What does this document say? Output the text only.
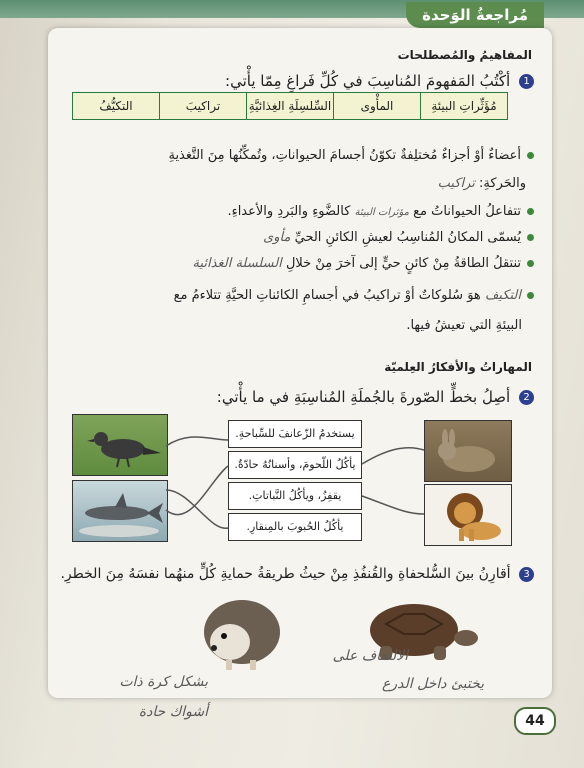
مُراجعةُ الوَحدة
المفاهيمُ والمُصطلحات
1 أكْتُبُ المَفهومَ المُناسِبَ في كُلِّ فَراغٍ مِمّا يأْتي:
مُؤَثِّراتِ البيئةِ
المأْوى
السِّلسِلَةِ الغِذائيَّةِ
تراكيبَ
التكيُّفُ
أعضاءٌ أوْ أجزاءٌ مُختلِفةٌ تكوّنُ أجسامَ الحيواناتِ، وتُمكِّنُها مِنَ التَّغذيةِ
والحَركةِ: تراكيب
تتفاعلُ الحيواناتُ مع مؤثرات البيئة كالضَّوءِ والبَردِ والأعداءِ.
يُسمّى المكانُ المُناسِبُ لعيشِ الكائنِ الحيِّ مأوى
تنتقلُ الطاقةُ مِنْ كائنٍ حيٍّ إلى آخرَ مِنْ خلالِ السلسلة الغذائية
التكيف هوَ سُلوكاتٌ أوْ تراكيبُ في أجسامِ الكائناتِ الحيَّةِ تتلاءمُ مع
البيئةِ التي تعيشُ فيها.
المهاراتُ والأفكارُ العِلميّة
2 أصِلُ بخطٍّ الصّورةَ بالجُملَةِ المُناسِبَةِ في ما يأْتي:
يستخدمُ الزّعانفَ للسِّباحةِ.
يأكُلُ اللّحومَ، وأسنانُهُ حادّةٌ.
يقفِزُ، ويأكُلُ النَّباتاتِ.
يأكُلُ الحُبوبَ بالمِنقارِ.
3 أقارِنُ بينَ السُّلحفاةِ والقُنفُذِ مِنْ حيثُ طريقةُ حمايةِ كُلٍّ منهُما نفسَهُ مِنَ الخطرِ.
الالتفاف على
بشكل كرة ذات
أشواك حادة
يختبئ داخل الدرع
44
